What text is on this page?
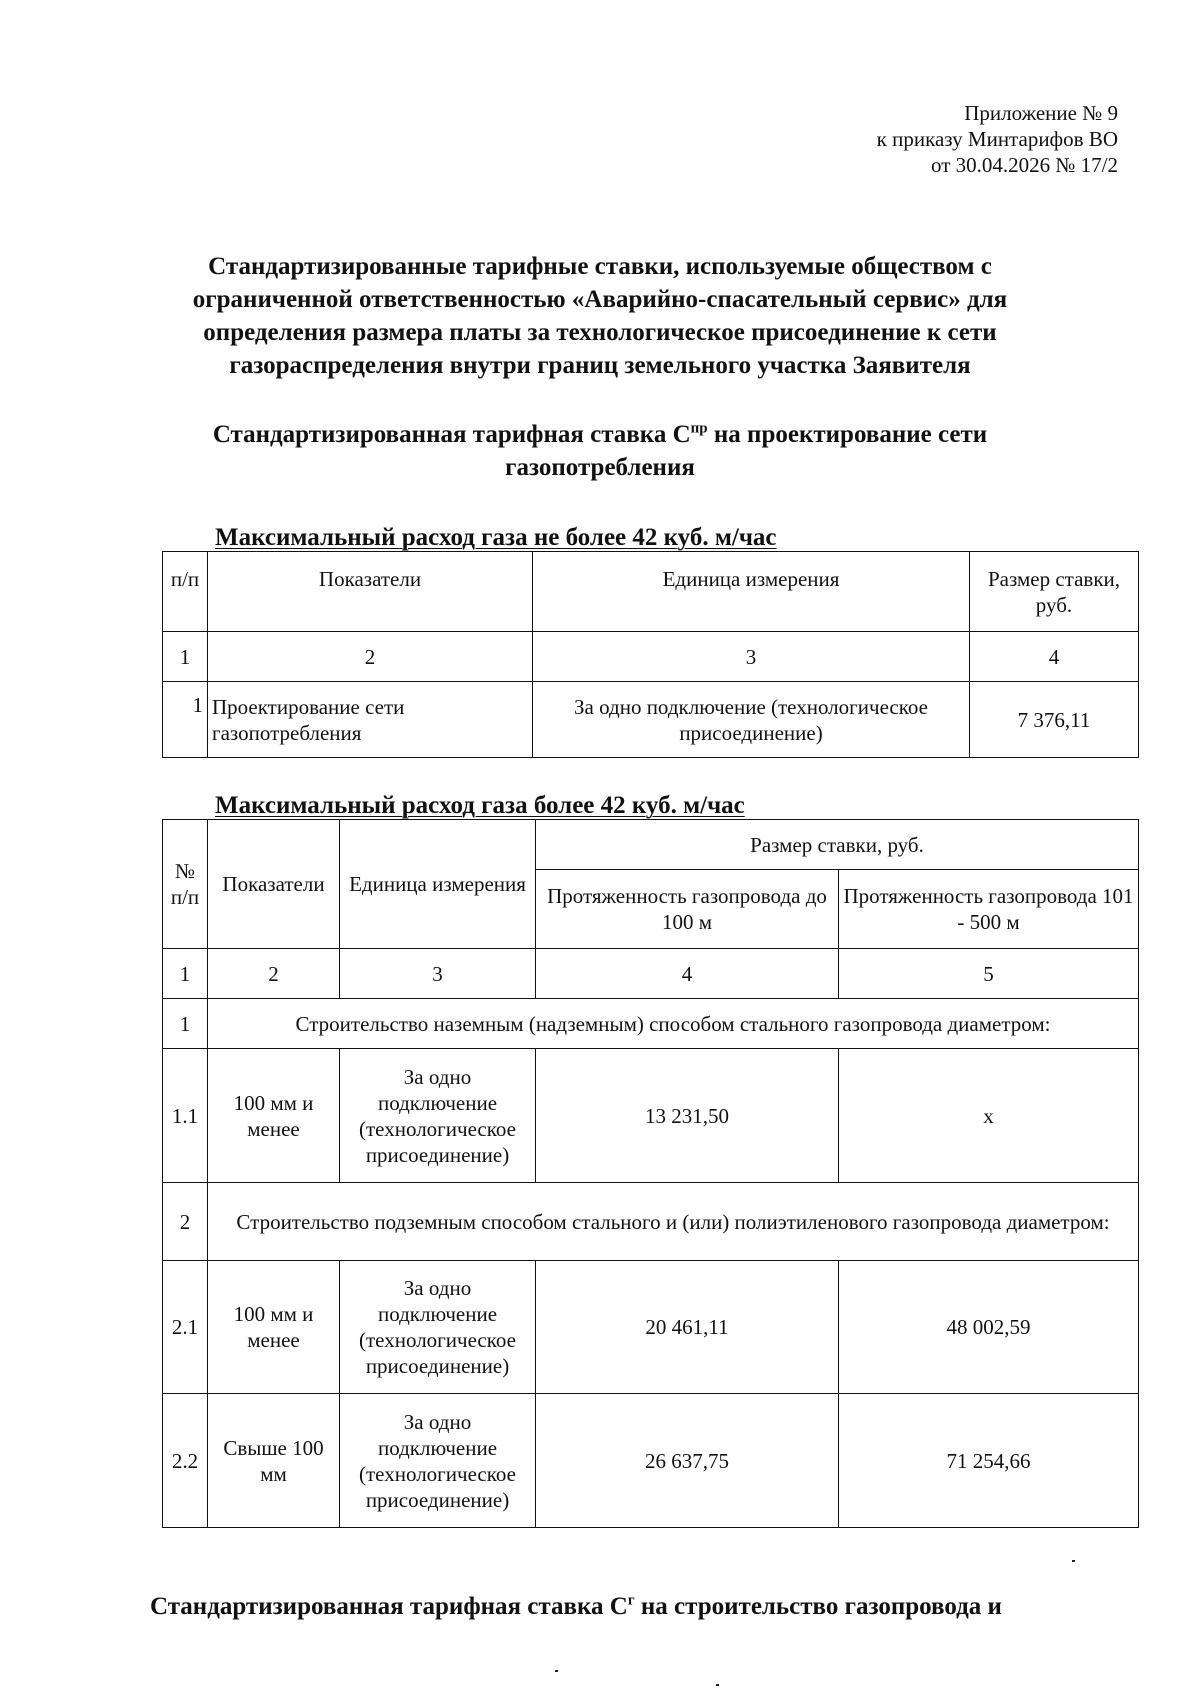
Приложение № 9
к приказу Минтарифов ВО
от 30.04.2026 № 17/2
Стандартизированные тарифные ставки, используемые обществом с
ограниченной ответственностью «Аварийно-спасательный сервис» для
определения размера платы за технологическое присоединение к сети
газораспределения внутри границ земельного участка Заявителя
Стандартизированная тарифная ставка $С^{пр}$ на проектирование сети
газопотребления
Максимальный расход газа не более 42 куб. м/час
п/п	Показатели	Единица измерения	Размер ставки, руб.
1	2	3	4
1	Проектирование сети газопотребления	За одно подключение (технологическое присоединение)	7 376,11
Максимальный расход газа более 42 куб. м/час
№ п/п	Показатели	Единица измерения	Размер ставки, руб.	
			Протяженность газопровода до 100 м	Протяженность газопровода 101 - 500 м
1	2	3	4	5
1	Строительство наземным (надземным) способом стального газопровода диаметром:			
1.1	100 мм и менее	За одно подключение (технологическое присоединение)	13 231,50	х
2	Строительство подземным способом стального и (или) полиэтиленового газопровода диаметром:			
2.1	100 мм и менее	За одно подключение (технологическое присоединение)	20 461,11	48 002,59
2.2	Свыше 100 мм	За одно подключение (технологическое присоединение)	26 637,75	71 254,66
Стандартизированная тарифная ставка $С^г$ на строительство газопровода и
